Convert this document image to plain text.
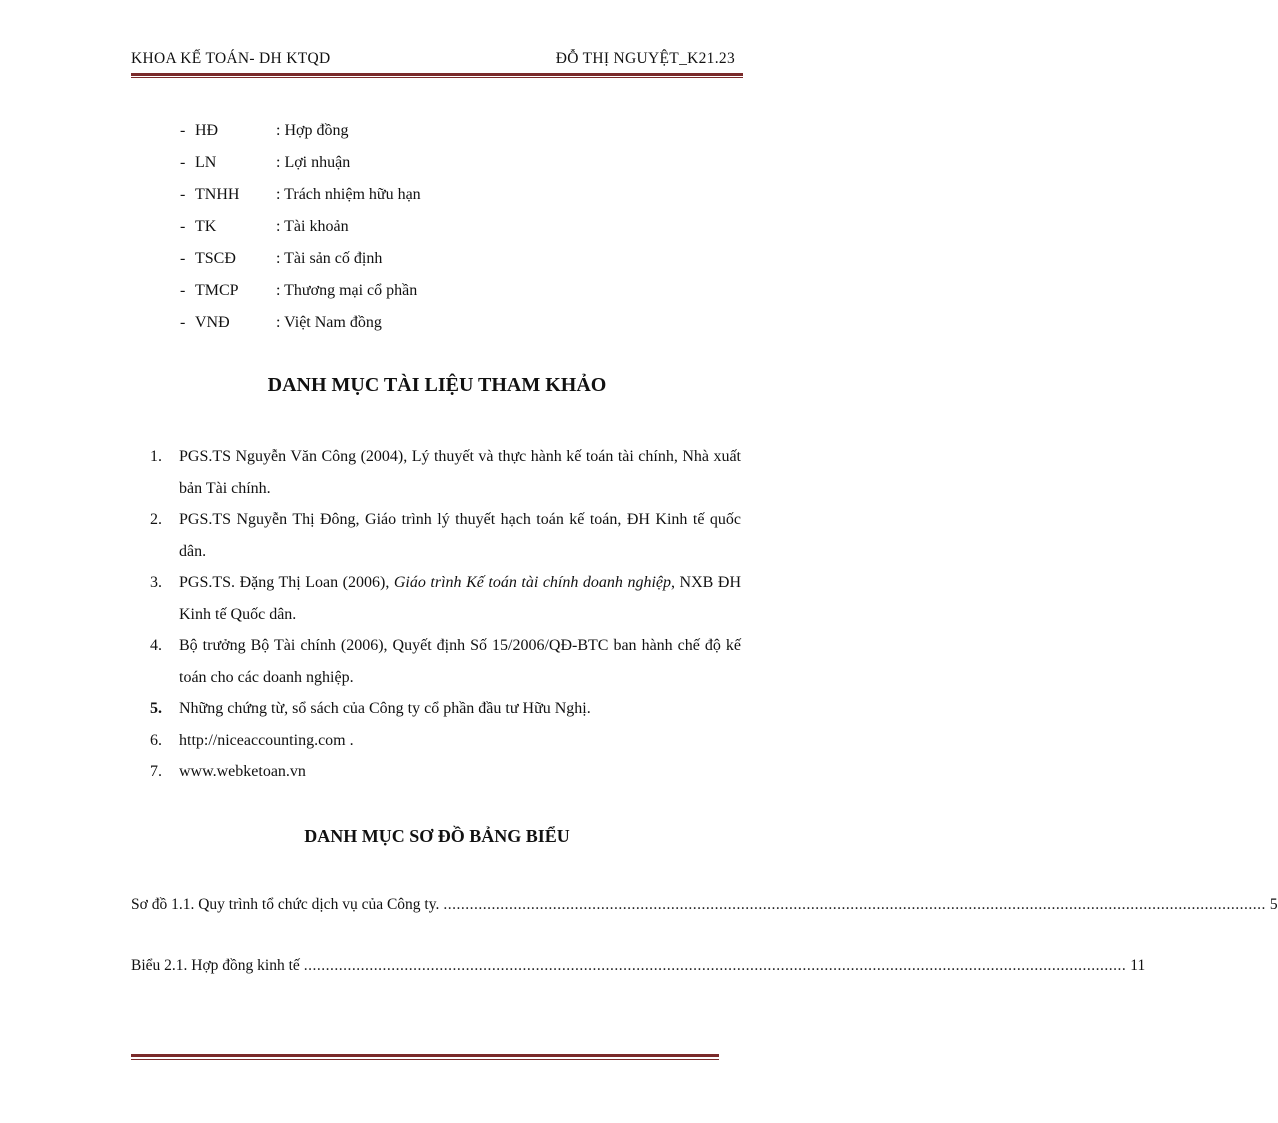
KHOA KẾ TOÁN- DH KTQD	ĐỖ THỊ NGUYỆT_K21.23
- HĐ	: Hợp đồng
- LN	: Lợi nhuận
- TNHH : Trách nhiệm hữu hạn
- TK	: Tài khoản
- TSCĐ	: Tài sản cố định
- TMCP : Thương mại cổ phần
- VNĐ	: Việt Nam đồng
DANH MỤC TÀI LIỆU THAM KHẢO
1. PGS.TS Nguyễn Văn Công (2004), Lý thuyết và thực hành kế toán tài chính, Nhà xuất bản Tài chính.
2. PGS.TS Nguyễn Thị Đông, Giáo trình lý thuyết hạch toán kế toán, ĐH Kinh tế quốc dân.
3. PGS.TS. Đặng Thị Loan (2006), Giáo trình Kế toán tài chính doanh nghiệp, NXB ĐH Kinh tế Quốc dân.
4. Bộ trưởng Bộ Tài chính (2006), Quyết định Số 15/2006/QĐ-BTC ban hành chế độ kế toán cho các doanh nghiệp.
5. Những chứng từ, sổ sách của Công ty cổ phần đầu tư Hữu Nghị.
6. http://niceaccounting.com .
7. www.webketoan.vn
DANH MỤC SƠ ĐỒ BẢNG BIỂU
Sơ đồ 1.1. Quy trình tổ chức dịch vụ của Công ty. ............................................................................................................................................................................................ 5
Biểu 2.1. Hợp đồng kinh tế ............................................................................................................................................................................................ 11
